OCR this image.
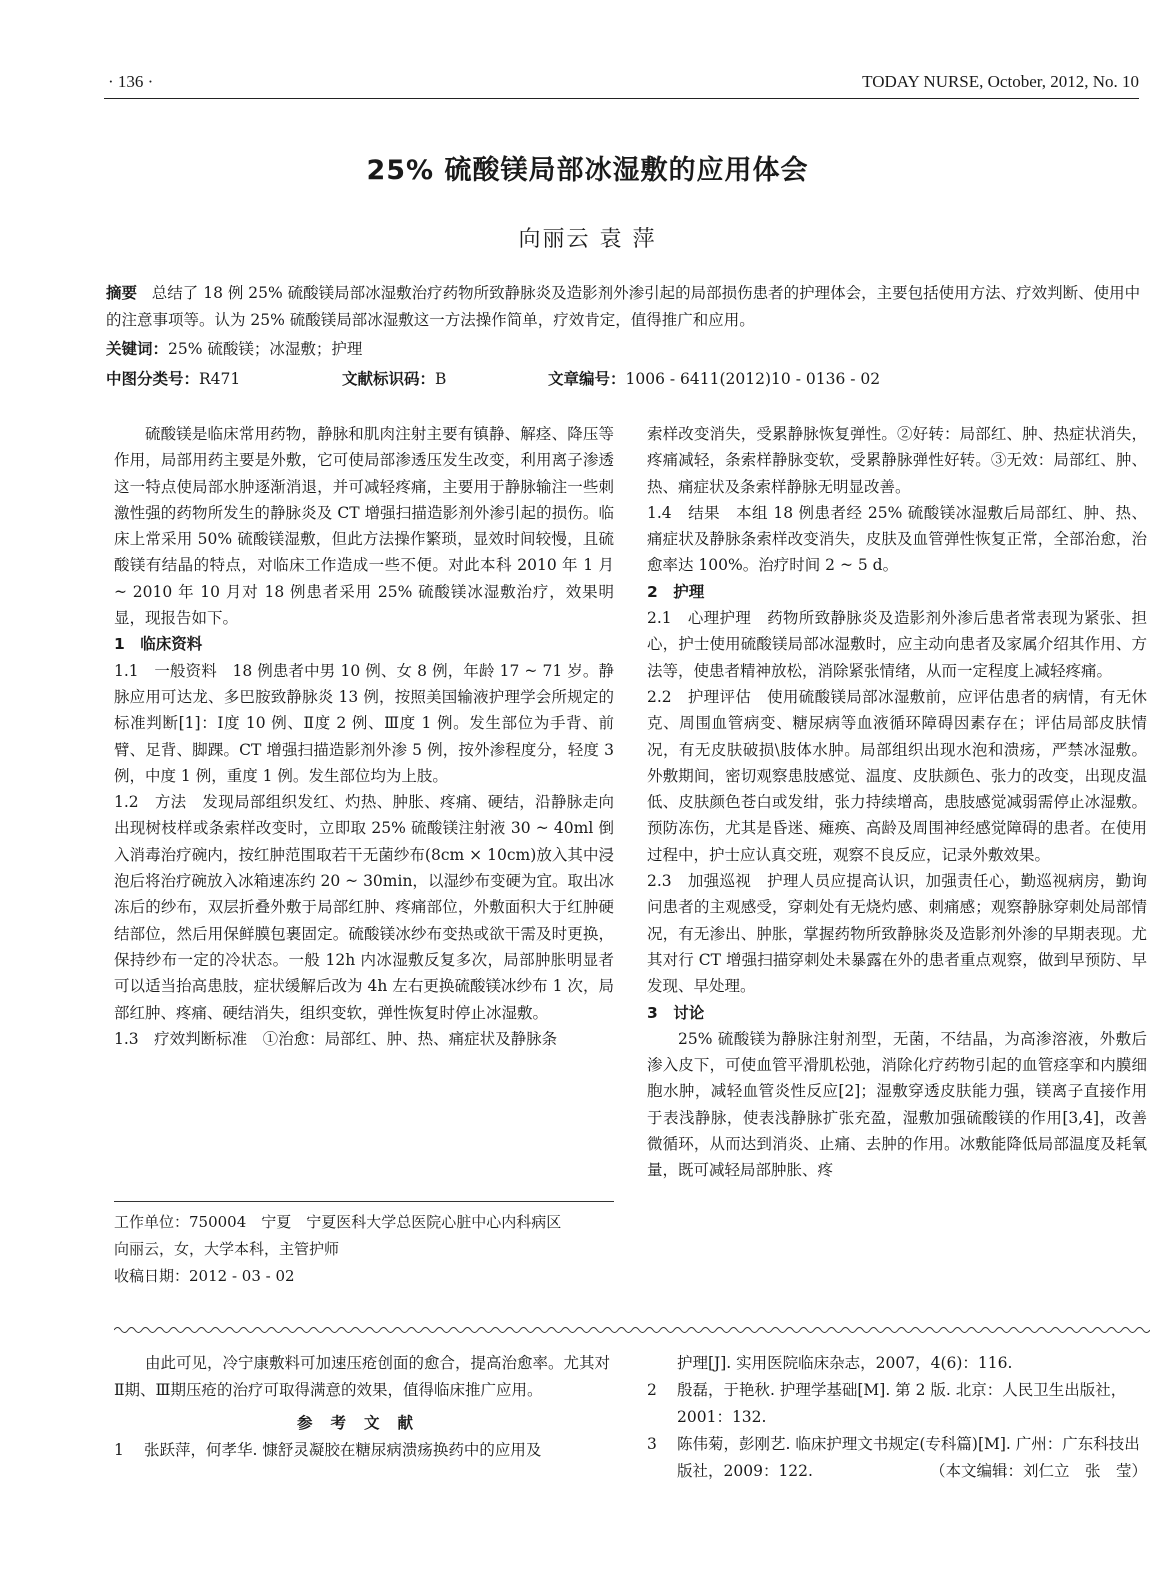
· 136 ·	TODAY NURSE, October, 2012, No. 10
25% 硫酸镁局部冰湿敷的应用体会
向丽云 袁 萍
摘要 总结了 18 例 25% 硫酸镁局部冰湿敷治疗药物所致静脉炎及造影剂外渗引起的局部损伤患者的护理体会，主要包括使用方法、疗效判断、使用中的注意事项等。认为 25% 硫酸镁局部冰湿敷这一方法操作简单，疗效肯定，值得推广和应用。
关键词：25% 硫酸镁；冰湿敷；护理
中图分类号：R471	文献标识码：B	文章编号：1006 - 6411(2012)10 - 0136 - 02

硫酸镁是临床常用药物，静脉和肌肉注射主要有镇静、解痉、降压等作用，局部用药主要是外敷，它可使局部渗透压发生改变，利用离子渗透这一特点使局部水肿逐渐消退，并可减轻疼痛，主要用于静脉输注一些刺激性强的药物所发生的静脉炎及 CT 增强扫描造影剂外渗引起的损伤。临床上常采用 50% 硫酸镁湿敷，但此方法操作繁琐，显效时间较慢，且硫酸镁有结晶的特点，对临床工作造成一些不便。对此本科 2010 年 1 月 ~ 2010 年 10 月对 18 例患者采用 25% 硫酸镁冰湿敷治疗，效果明显，现报告如下。

1　临床资料

1.1　一般资料　 18 例患者中男 10 例、女 8 例，年龄 17 ~ 71 岁。静脉应用可达龙、多巴胺致静脉炎 13 例，按照美国输液护理学会所规定的标准判断[1]：Ⅰ度 10 例、Ⅱ度 2 例、Ⅲ度 1 例。发生部位为手背、前臂、足背、脚踝。CT 增强扫描造影剂外渗 5 例，按外渗程度分，轻度 3 例，中度 1 例，重度 1 例。发生部位均为上肢。

1.2　方法　 发现局部组织发红、灼热、肿胀、疼痛、硬结，沿静脉走向出现树枝样或条索样改变时，立即取 25% 硫酸镁注射液 30 ~ 40ml 倒入消毒治疗碗内，按红肿范围取若干无菌纱布(8cm × 10cm)放入其中浸泡后将治疗碗放入冰箱速冻约 20 ~ 30min，以湿纱布变硬为宜。取出冰冻后的纱布，双层折叠外敷于局部红肿、疼痛部位，外敷面积大于红肿硬结部位，然后用保鲜膜包裹固定。硫酸镁冰纱布变热或欲干需及时更换，保持纱布一定的冷状态。一般 12h 内冰湿敷反复多次，局部肿胀明显者可以适当抬高患肢，症状缓解后改为 4h 左右更换硫酸镁冰纱布 1 次，局部红肿、疼痛、硬结消失，组织变软，弹性恢复时停止冰湿敷。

1.3　疗效判断标准　 ①治愈：局部红、肿、热、痛症状及静脉条

工作单位：750004　宁夏　宁夏医科大学总医院心脏中心内科病区
向丽云，女，大学本科，主管护师
收稿日期：2012 - 03 - 02

索样改变消失，受累静脉恢复弹性。②好转：局部红、肿、热症状消失，疼痛减轻，条索样静脉变软，受累静脉弹性好转。③无效：局部红、肿、热、痛症状及条索样静脉无明显改善。

1.4　结果　 本组 18 例患者经 25% 硫酸镁冰湿敷后局部红、肿、热、痛症状及静脉条索样改变消失，皮肤及血管弹性恢复正常，全部治愈，治愈率达 100%。治疗时间 2 ~ 5 d。

2　护理

2.1　心理护理　 药物所致静脉炎及造影剂外渗后患者常表现为紧张、担心，护士使用硫酸镁局部冰湿敷时，应主动向患者及家属介绍其作用、方法等，使患者精神放松，消除紧张情绪，从而一定程度上减轻疼痛。

2.2　护理评估　 使用硫酸镁局部冰湿敷前，应评估患者的病情，有无休克、周围血管病变、糖尿病等血液循环障碍因素存在；评估局部皮肤情况，有无皮肤破损\肢体水肿。局部组织出现水泡和溃疡，严禁冰湿敷。外敷期间，密切观察患肢感觉、温度、皮肤颜色、张力的改变，出现皮温低、皮肤颜色苍白或发绀，张力持续增高，患肢感觉减弱需停止冰湿敷。预防冻伤，尤其是昏迷、瘫痪、高龄及周围神经感觉障碍的患者。在使用过程中，护士应认真交班，观察不良反应，记录外敷效果。

2.3　加强巡视　 护理人员应提高认识，加强责任心，勤巡视病房，勤询问患者的主观感受，穿刺处有无烧灼感、刺痛感；观察静脉穿刺处局部情况，有无渗出、肿胀，掌握药物所致静脉炎及造影剂外渗的早期表现。尤其对行 CT 增强扫描穿刺处未暴露在外的患者重点观察，做到早预防、早发现、早处理。

3　讨论

25% 硫酸镁为静脉注射剂型，无菌，不结晶，为高渗溶液，外敷后渗入皮下，可使血管平滑肌松弛，消除化疗药物引起的血管痉挛和内膜细胞水肿，减轻血管炎性反应[2]；湿敷穿透皮肤能力强，镁离子直接作用于表浅静脉，使表浅静脉扩张充盈，湿敷加强硫酸镁的作用[3,4]，改善微循环，从而达到消炎、止痛、去肿的作用。冰敷能降低局部温度及耗氧量，既可减轻局部肿胀、疼

由此可见，冷宁康敷料可加速压疮创面的愈合，提高治愈率。尤其对Ⅱ期、Ⅲ期压疮的治疗可取得满意的效果，值得临床推广应用。

参考文献

1	张跃萍，何孝华. 慷舒灵凝胶在糖尿病溃疡换药中的应用及
护理[J]. 实用医院临床杂志，2007，4(6)：116.
2	殷磊，于艳秋. 护理学基础[M]. 第 2 版. 北京：人民卫生出版社，2001：132.
3	陈伟菊，彭刚艺. 临床护理文书规定(专科篇)[M]. 广州：广东科技出版社，2009：122.	（本文编辑：刘仁立　张　莹）
